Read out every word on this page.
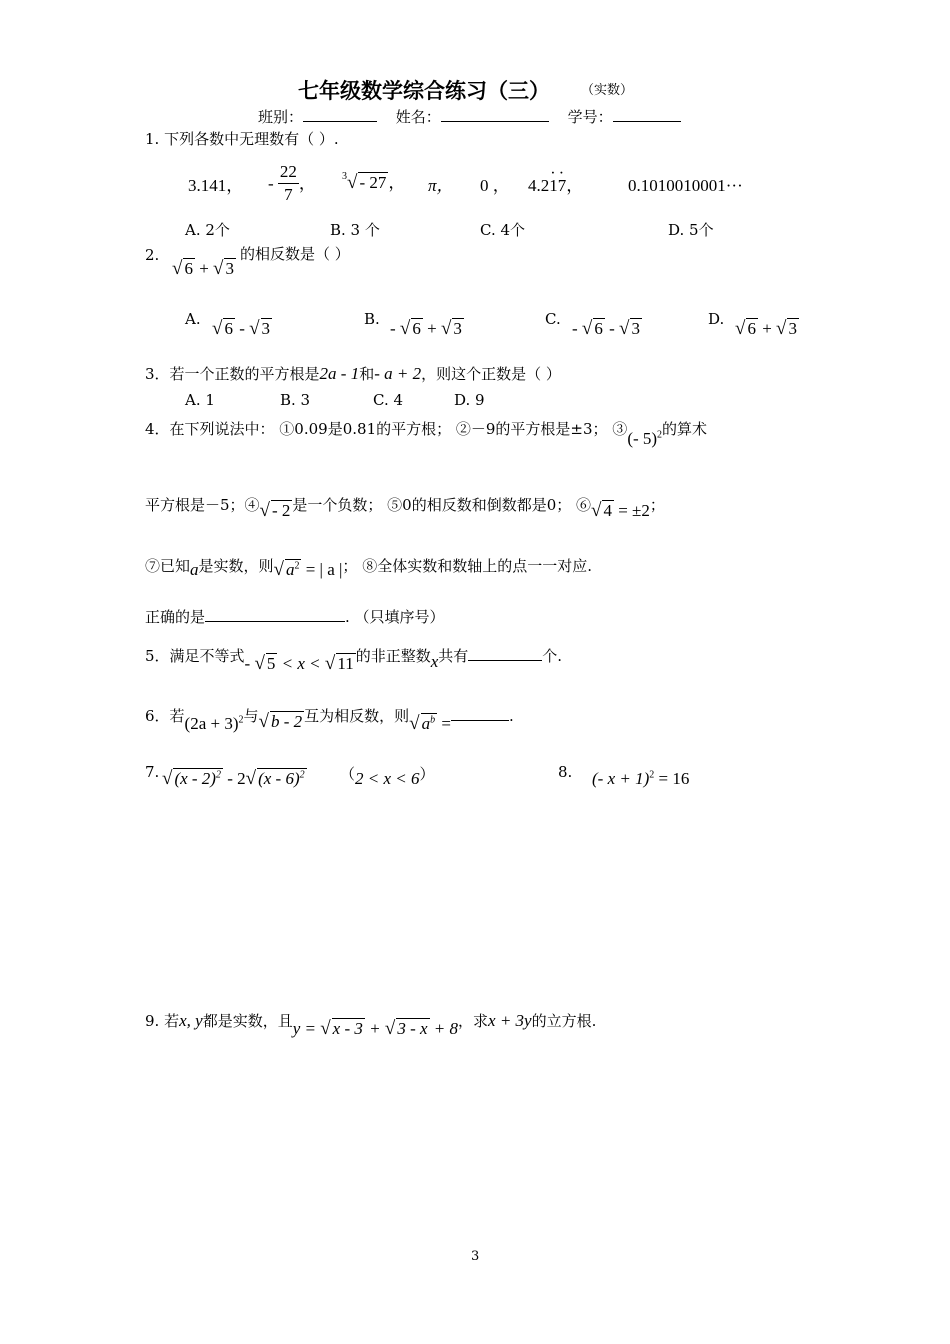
七年级数学综合练习（三） （实数）
班别：	姓名：	学号：
1. 下列各数中无理数有（ ）.
3.141， - $\frac{22}{7}$ ，	$^3$√ - 27 ， π， 0 ， 4.2· 1· 7，	0.1010010001···
A. 2个	B. 3 个	C. 4个	D. 5个
2.
√ 6 + √ 3
的相反数是（ ）
A. √ 6 - √ 3	B. - √ 6 + √ 3	C. - √ 6 - √ 3	D. √ 6 + √ 3
3．若一个正数的平方根是2a - 1和- a + 2，则这个正数是（ ）
A. 1	B. 3	C. 4	D. 9
4．在下列说法中： ①0.09是0.81的平方根； ②－9的平方根是±3； ③(- 5)$^2$的算术
平方根是－5；④√ - 2 是一个负数； ⑤0的相反数和倒数都是0； ⑥√ 4 = ±2；
⑦已知a是实数，则√ $a^2$ = | a |； ⑧全体实数和数轴上的点一一对应.
正确的是	. （只填序号）
5．满足不等式- √ 5 < x < √ 11 的非正整数x共有	个.
6．若$(2a + 3)^2$与√ b - 2 互为相反数，则√ $a^b$ =	.
7. √ (x - 2)$^2$ - 2√ (x - 6)$^2$ （2 < x < 6）	8. (- x + 1)$^2$ = 16
9. 若x, y都是实数，且y = √ x - 3 + √ 3 - x + 8，求x + 3y的立方根.
3
